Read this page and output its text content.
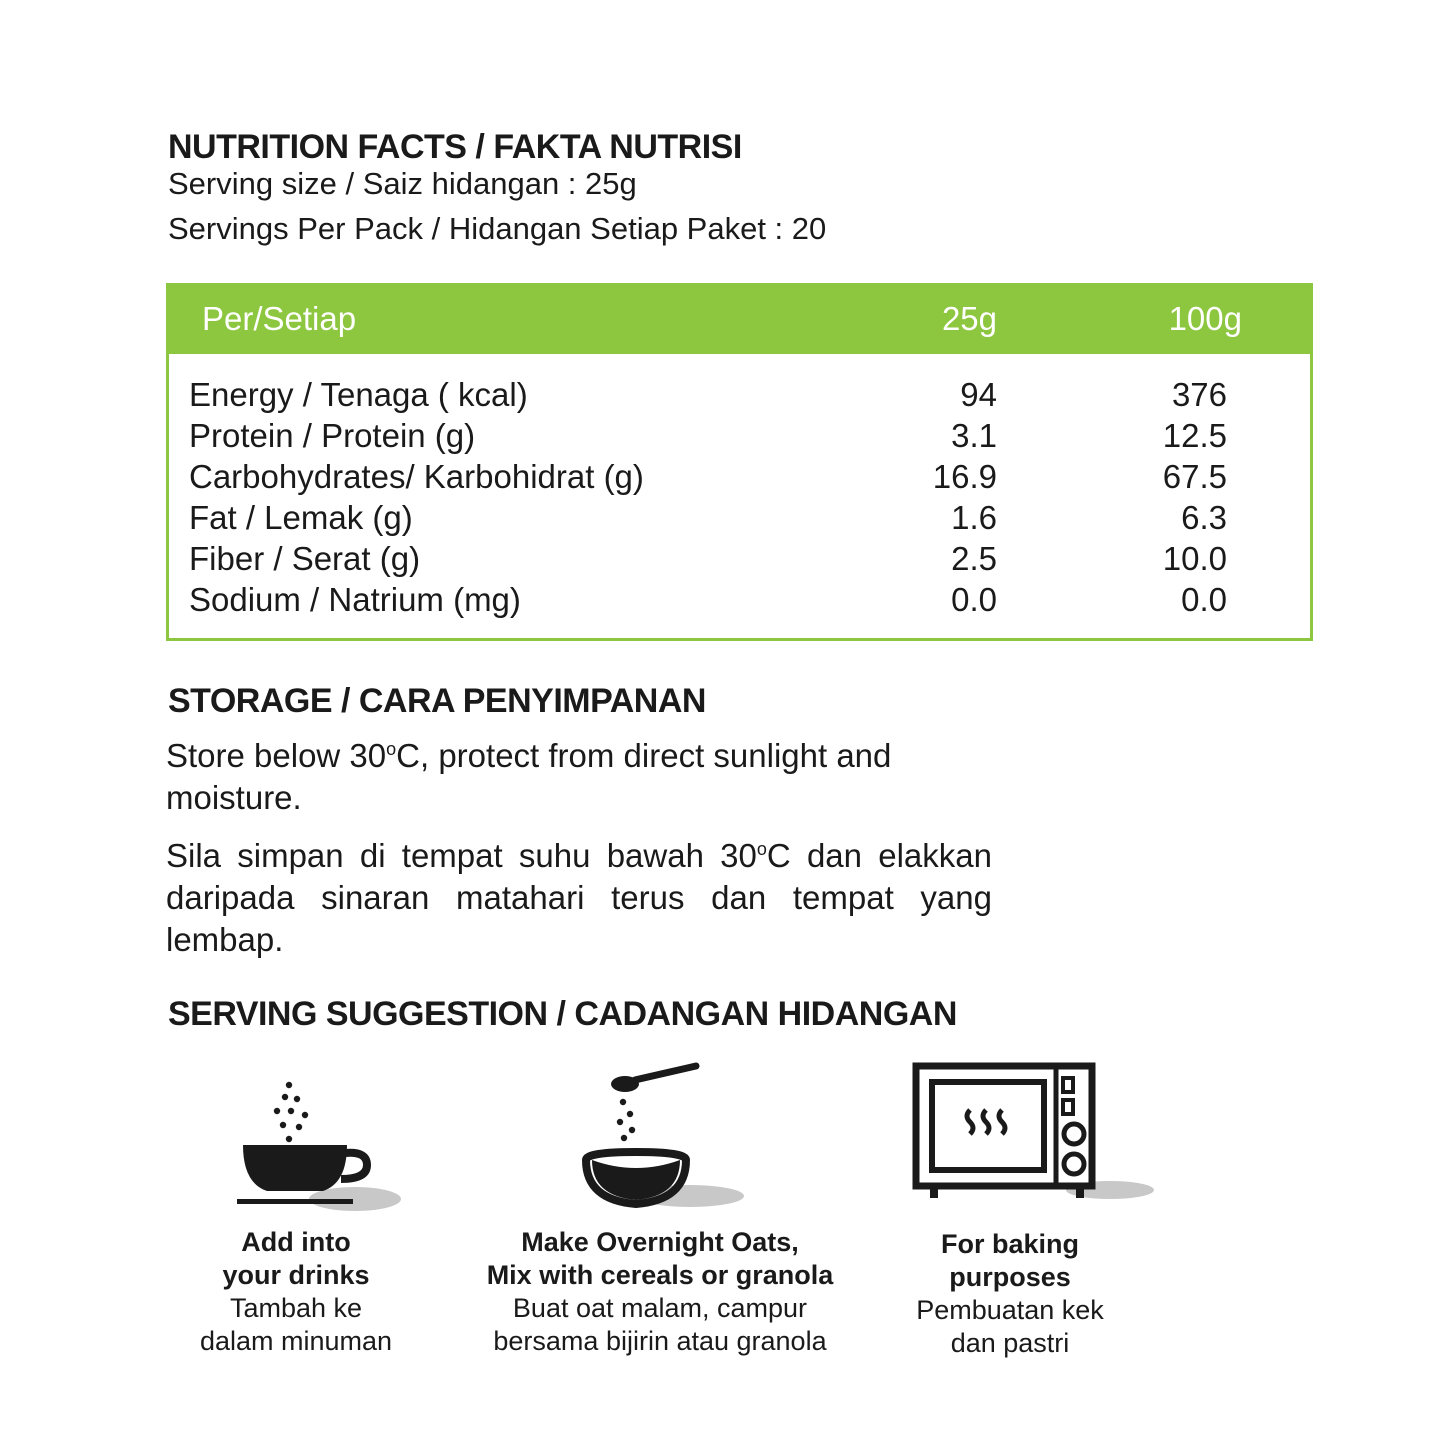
NUTRITION FACTS / FAKTA NUTRISI
Serving size / Saiz hidangan : 25g
Servings Per Pack / Hidangan Setiap Paket : 20
Per/Setiap	25g	100g
Energy / Tenaga ( kcal)	94	376
Protein / Protein (g)	3.1	12.5
Carbohydrates/ Karbohidrat (g)	16.9	67.5
Fat / Lemak (g)	1.6	6.3
Fiber / Serat (g)	2.5	10.0
Sodium / Natrium (mg)	0.0	0.0
STORAGE / CARA PENYIMPANAN
Store below 30$^o$C, protect from direct sunlight and moisture.
Sila simpan di tempat suhu bawah 30$^o$C dan elakkan daripada sinaran matahari terus dan tempat yang lembap.
SERVING SUGGESTION / CADANGAN HIDANGAN
Add into
your drinks
Tambah ke
dalam minuman
Make Overnight Oats,
Mix with cereals or granola
Buat oat malam, campur
bersama bijirin atau granola
For baking
purposes
Pembuatan kek
dan pastri
